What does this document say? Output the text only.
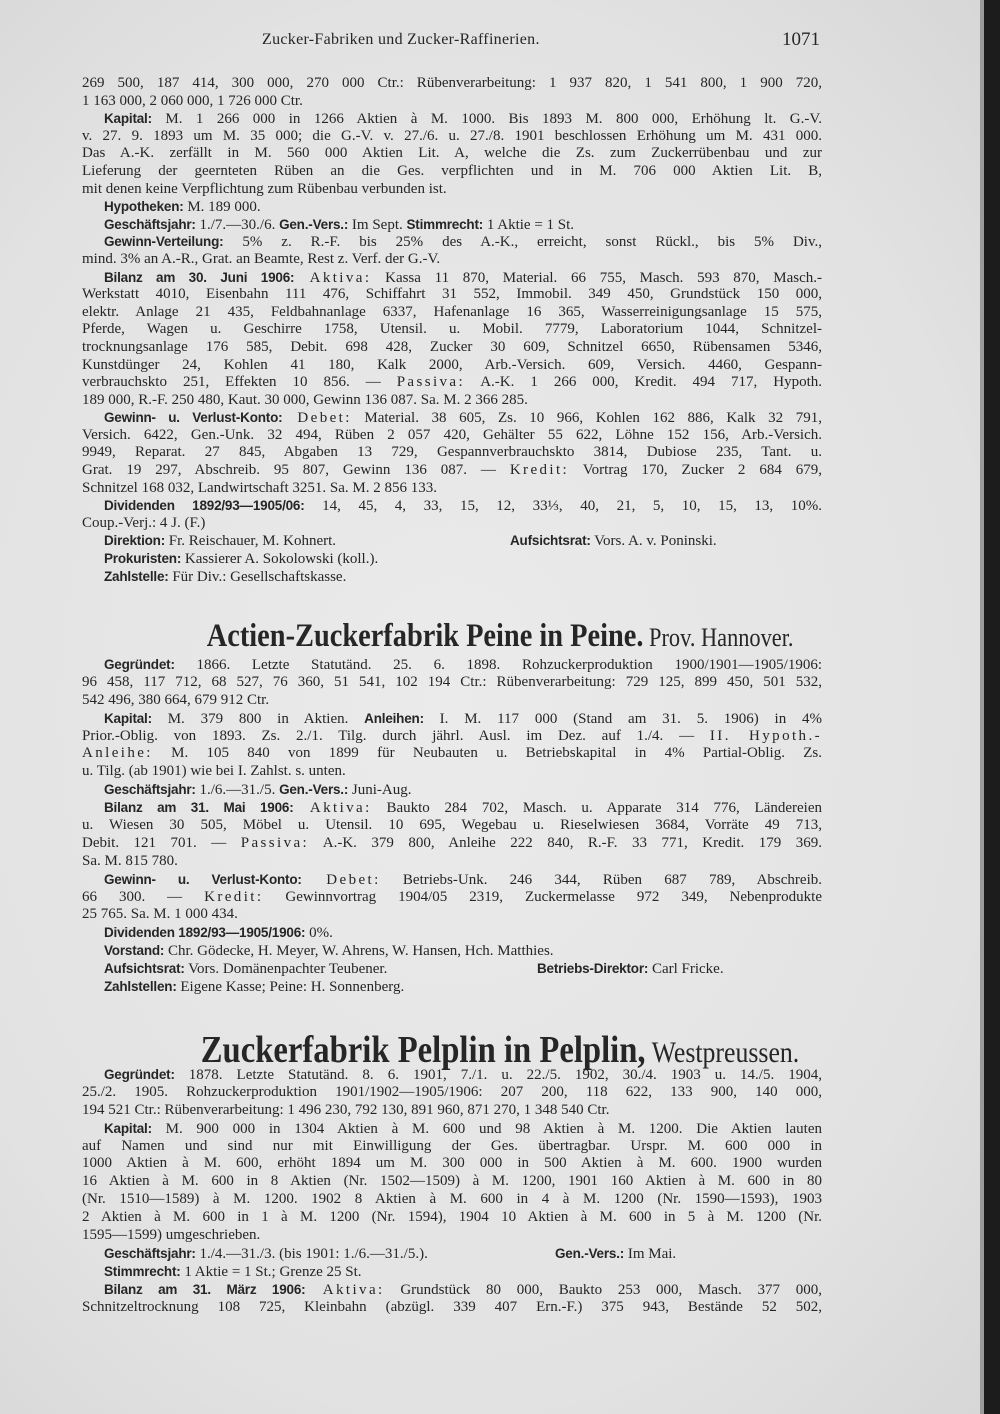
Zucker-Fabriken und Zucker-Raffinerien.	1071
269 500, 187 414, 300 000, 270 000 Ctr.: Rübenverarbeitung: 1 937 820, 1 541 800, 1 900 720,
1 163 000, 2 060 000, 1 726 000 Ctr.
Kapital: M. 1 266 000 in 1266 Aktien à M. 1000. Bis 1893 M. 800 000, Erhöhung lt. G.-V.
v. 27. 9. 1893 um M. 35 000; die G.-V. v. 27./6. u. 27./8. 1901 beschlossen Erhöhung um M. 431 000.
Das A.-K. zerfällt in M. 560 000 Aktien Lit. A, welche die Zs. zum Zuckerrübenbau und zur
Lieferung der geernteten Rüben an die Ges. verpflichten und in M. 706 000 Aktien Lit. B,
mit denen keine Verpflichtung zum Rübenbau verbunden ist.
Hypotheken: M. 189 000.
Geschäftsjahr: 1./7.—30./6. Gen.-Vers.: Im Sept. Stimmrecht: 1 Aktie = 1 St.
Gewinn-Verteilung: 5% z. R.-F. bis 25% des A.-K., erreicht, sonst Rückl., bis 5% Div.,
mind. 3% an A.-R., Grat. an Beamte, Rest z. Verf. der G.-V.
Bilanz am 30. Juni 1906: Aktiva: Kassa 11 870, Material. 66 755, Masch. 593 870, Masch.-
Werkstatt 4010, Eisenbahn 111 476, Schiffahrt 31 552, Immobil. 349 450, Grundstück 150 000,
elektr. Anlage 21 435, Feldbahnanlage 6337, Hafenanlage 16 365, Wasserreinigungsanlage 15 575,
Pferde, Wagen u. Geschirre 1758, Utensil. u. Mobil. 7779, Laboratorium 1044, Schnitzel-
trocknungsanlage 176 585, Debit. 698 428, Zucker 30 609, Schnitzel 6650, Rübensamen 5346,
Kunstdünger 24, Kohlen 41 180, Kalk 2000, Arb.-Versich. 609, Versich. 4460, Gespann-
verbrauchskto 251, Effekten 10 856. — Passiva: A.-K. 1 266 000, Kredit. 494 717, Hypoth.
189 000, R.-F. 250 480, Kaut. 30 000, Gewinn 136 087. Sa. M. 2 366 285.
Gewinn- u. Verlust-Konto: Debet: Material. 38 605, Zs. 10 966, Kohlen 162 886, Kalk 32 791,
Versich. 6422, Gen.-Unk. 32 494, Rüben 2 057 420, Gehälter 55 622, Löhne 152 156, Arb.-Versich.
9949, Reparat. 27 845, Abgaben 13 729, Gespannverbrauchskto 3814, Dubiose 235, Tant. u.
Grat. 19 297, Abschreib. 95 807, Gewinn 136 087. — Kredit: Vortrag 170, Zucker 2 684 679,
Schnitzel 168 032, Landwirtschaft 3251. Sa. M. 2 856 133.
Dividenden 1892/93—1905/06: 14, 45, 4, 33, 15, 12, 33⅓, 40, 21, 5, 10, 15, 13, 10%.
Coup.-Verj.: 4 J. (F.)
Direktion: Fr. Reischauer, M. Kohnert.	Aufsichtsrat: Vors. A. v. Poninski.
Prokuristen: Kassierer A. Sokolowski (koll.).
Zahlstelle: Für Div.: Gesellschaftskasse.
Actien-Zuckerfabrik Peine in Peine. Prov. Hannover.
Gegründet: 1866. Letzte Statutänd. 25. 6. 1898. Rohzuckerproduktion 1900/1901—1905/1906:
96 458, 117 712, 68 527, 76 360, 51 541, 102 194 Ctr.: Rübenverarbeitung: 729 125, 899 450, 501 532,
542 496, 380 664, 679 912 Ctr.
Kapital: M. 379 800 in Aktien. Anleihen: I. M. 117 000 (Stand am 31. 5. 1906) in 4%
Prior.-Oblig. von 1893. Zs. 2./1. Tilg. durch jährl. Ausl. im Dez. auf 1./4. — II. Hypoth.-
Anleihe: M. 105 840 von 1899 für Neubauten u. Betriebskapital in 4% Partial-Oblig. Zs.
u. Tilg. (ab 1901) wie bei I. Zahlst. s. unten.
Geschäftsjahr: 1./6.—31./5. Gen.-Vers.: Juni-Aug.
Bilanz am 31. Mai 1906: Aktiva: Baukto 284 702, Masch. u. Apparate 314 776, Ländereien
u. Wiesen 30 505, Möbel u. Utensil. 10 695, Wegebau u. Rieselwiesen 3684, Vorräte 49 713,
Debit. 121 701. — Passiva: A.-K. 379 800, Anleihe 222 840, R.-F. 33 771, Kredit. 179 369.
Sa. M. 815 780.
Gewinn- u. Verlust-Konto: Debet: Betriebs-Unk. 246 344, Rüben 687 789, Abschreib.
66 300. — Kredit: Gewinnvortrag 1904/05 2319, Zuckermelasse 972 349, Nebenprodukte
25 765. Sa. M. 1 000 434.
Dividenden 1892/93—1905/1906: 0%.
Vorstand: Chr. Gödecke, H. Meyer, W. Ahrens, W. Hansen, Hch. Matthies.
Aufsichtsrat: Vors. Domänenpachter Teubener.	Betriebs-Direktor: Carl Fricke.
Zahlstellen: Eigene Kasse; Peine: H. Sonnenberg.
Zuckerfabrik Pelplin in Pelplin, Westpreussen.
Gegründet: 1878. Letzte Statutänd. 8. 6. 1901, 7./1. u. 22./5. 1902, 30./4. 1903 u. 14./5. 1904,
25./2. 1905. Rohzuckerproduktion 1901/1902—1905/1906: 207 200, 118 622, 133 900, 140 000,
194 521 Ctr.: Rübenverarbeitung: 1 496 230, 792 130, 891 960, 871 270, 1 348 540 Ctr.
Kapital: M. 900 000 in 1304 Aktien à M. 600 und 98 Aktien à M. 1200. Die Aktien lauten
auf Namen und sind nur mit Einwilligung der Ges. übertragbar. Urspr. M. 600 000 in
1000 Aktien à M. 600, erhöht 1894 um M. 300 000 in 500 Aktien à M. 600. 1900 wurden
16 Aktien à M. 600 in 8 Aktien (Nr. 1502—1509) à M. 1200, 1901 160 Aktien à M. 600 in 80
(Nr. 1510—1589) à M. 1200. 1902 8 Aktien à M. 600 in 4 à M. 1200 (Nr. 1590—1593), 1903
2 Aktien à M. 600 in 1 à M. 1200 (Nr. 1594), 1904 10 Aktien à M. 600 in 5 à M. 1200 (Nr.
1595—1599) umgeschrieben.
Geschäftsjahr: 1./4.—31./3. (bis 1901: 1./6.—31./5.).	Gen.-Vers.: Im Mai.
Stimmrecht: 1 Aktie = 1 St.; Grenze 25 St.
Bilanz am 31. März 1906: Aktiva: Grundstück 80 000, Baukto 253 000, Masch. 377 000,
Schnitzeltrocknung 108 725, Kleinbahn (abzügl. 339 407 Ern.-F.) 375 943, Bestände 52 502,
